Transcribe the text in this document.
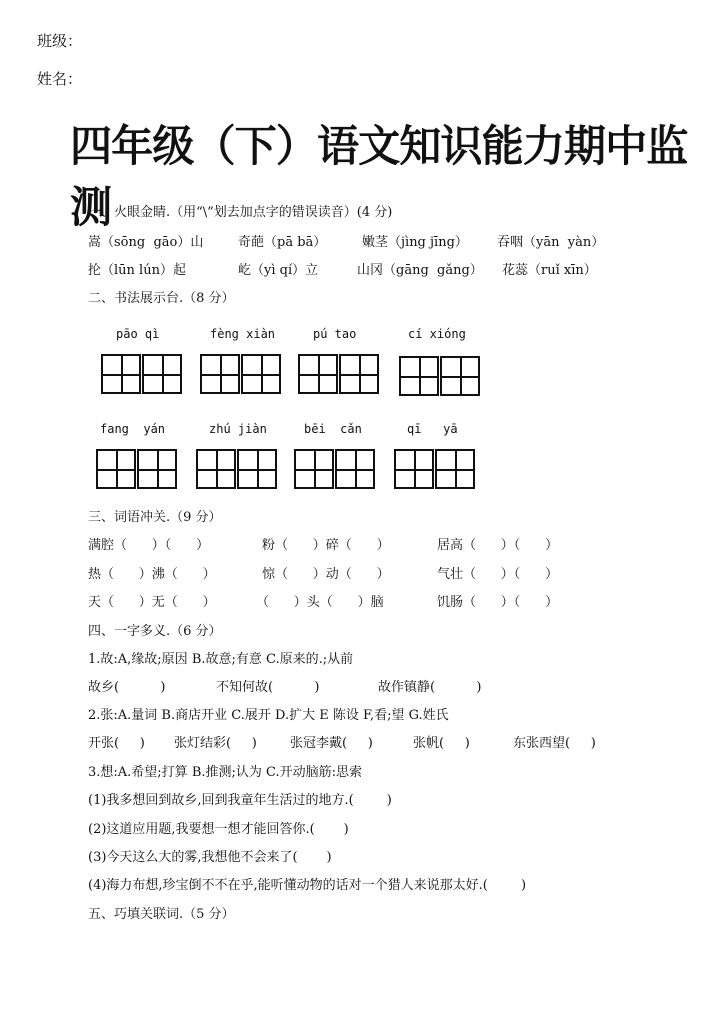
班级：
姓名：
四年级（下）语文知识能力期中监测
一、火眼金睛.（用“\”划去加点字的错误读音）(4 分)
嵩（sōng  gāo）山	奇葩（pā bā）	嫩茎（jìng jīng） 吞咽（yān  yàn）
抡（lūn lún）起	屹（yì qí）立	山冈（gāng  gǎng） 花蕊（ruǐ xīn）
二、书法展示台.（8 分）
pāo qì	fèng xiàn	pú tao	cí xióng
fang  yán	zhú jiàn	bēi  cǎn	qī   yā
三、词语冲关.（9 分）
满腔（      ）（      ）	粉（      ）碎（      ）	居高（      ）（      ）
热（      ）沸（      ）	惊（      ）动（      ）	气壮（      ）（      ）
天（      ）无（      ）	（      ）头（      ）脑	饥肠（      ）（      ）
四、一字多义.（6 分）
1.故:A,缘故;原因 B.故意;有意 C.原来的.;从前
故乡(          )	不知何故(          )	故作镇静(          )
2.张:A.量词 B.商店开业 C.展开 D.扩大 E 陈设 F,看;望 G.姓氏
开张(     ) 张灯结彩(     )	张冠李戴(     )	张帆(     )	东张西望(     )
3.想:A.希望;打算 B.推测;认为 C.开动脑筋:思索
(1)我多想回到故乡,回到我童年生活过的地方.(        )
(2)这道应用题,我要想一想才能回答你.(       )
(3)今天这么大的雾,我想他不会来了(       )
(4)海力布想,珍宝倒不不在乎,能听懂动物的话对一个猎人来说那太好.(        )
五、巧填关联词.（5 分）
